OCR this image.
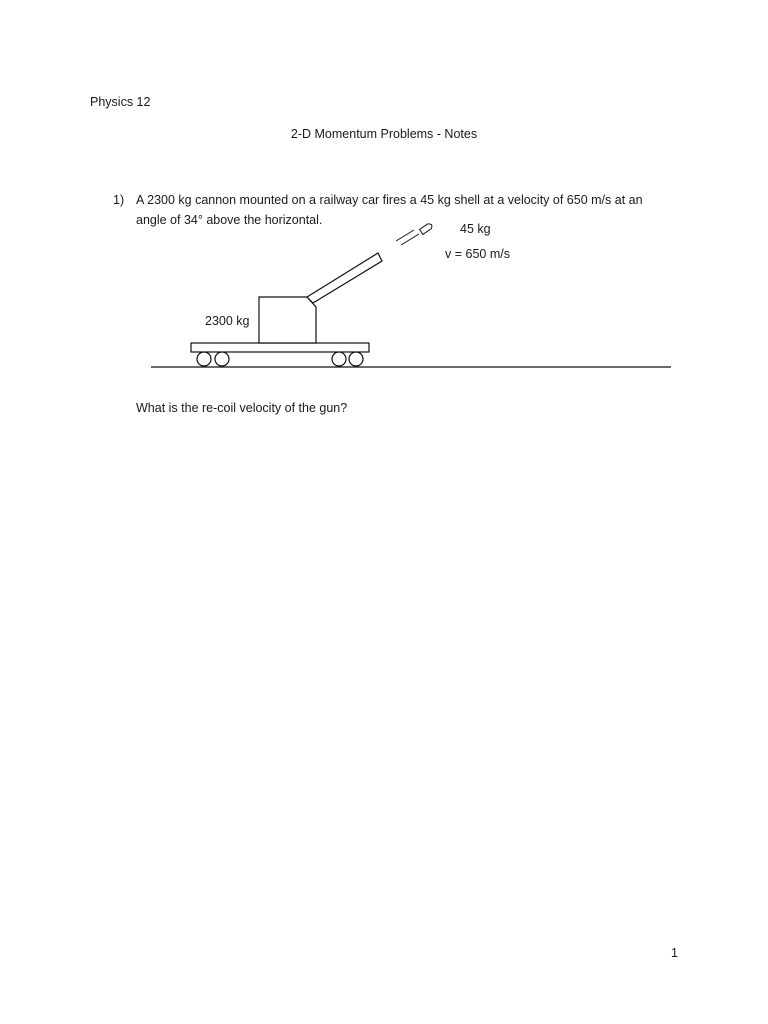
Physics 12
2-D Momentum Problems - Notes
1) A 2300 kg cannon mounted on a railway car fires a 45 kg shell at a velocity of 650 m/s at an
angle of 34° above the horizontal.
45 kg
v = 650 m/s
2300 kg
What is the re-coil velocity of the gun?
1
